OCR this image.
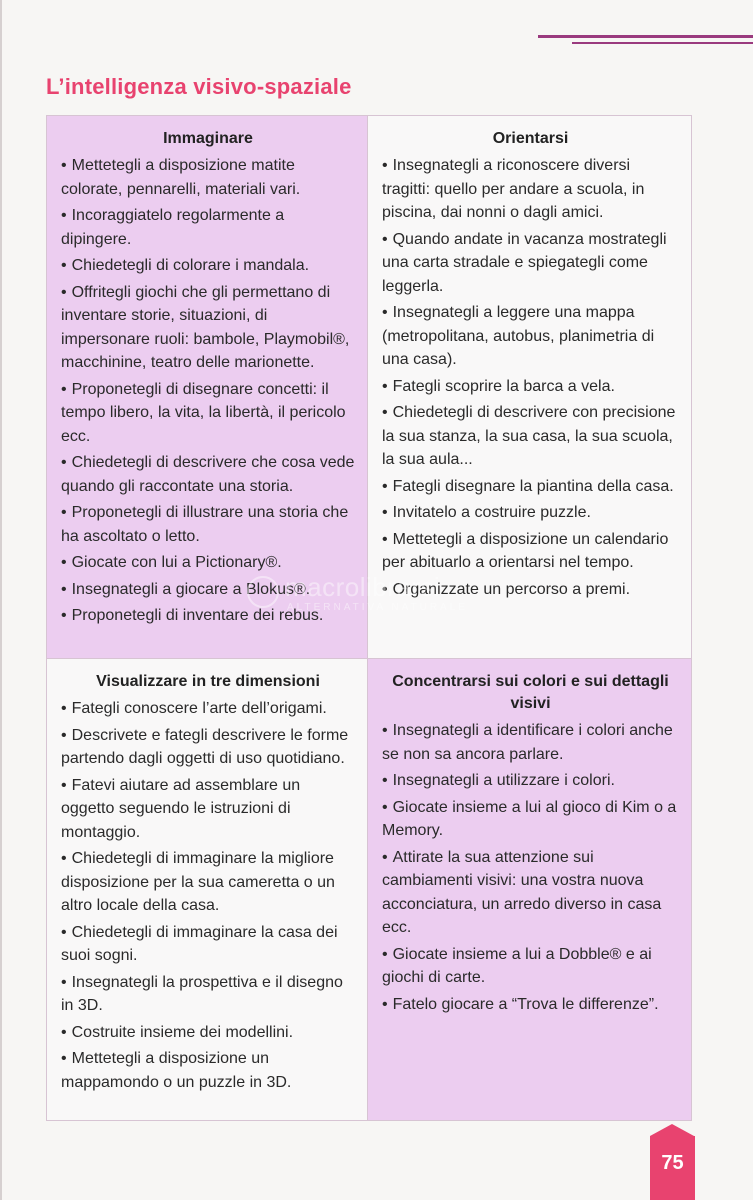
L’intelligenza visivo-spaziale
Immaginare
• Mettetegli a disposizione matite colorate, pennarelli, materiali vari.
• Incoraggiatelo regolarmente a dipingere.
• Chiedetegli di colorare i mandala.
• Offritegli giochi che gli permettano di inventare storie, situazioni, di impersonare ruoli: bambole, Playmobil®, macchinine, teatro delle marionette.
• Proponetegli di disegnare concetti: il tempo libero, la vita, la libertà, il pericolo ecc.
• Chiedetegli di descrivere che cosa vede quando gli raccontate una storia.
• Proponetegli di illustrare una storia che ha ascoltato o letto.
• Giocate con lui a Pictionary®.
• Insegnategli a giocare a Blokus®.
• Proponetegli di inventare dei rebus.
Orientarsi
• Insegnategli a riconoscere diversi tragitti: quello per andare a scuola, in piscina, dai nonni o dagli amici.
• Quando andate in vacanza mostrategli una carta stradale e spiegategli come leggerla.
• Insegnategli a leggere una mappa (metropolitana, autobus, planimetria di una casa).
• Fategli scoprire la barca a vela.
• Chiedetegli di descrivere con precisione la sua stanza, la sua casa, la sua scuola, la sua aula...
• Fategli disegnare la piantina della casa.
• Invitatelo a costruire puzzle.
• Mettetegli a disposizione un calendario per abituarlo a orientarsi nel tempo.
• Organizzate un percorso a premi.
Visualizzare in tre dimensioni
• Fategli conoscere l’arte dell’origami.
• Descrivete e fategli descrivere le forme partendo dagli oggetti di uso quotidiano.
• Fatevi aiutare ad assemblare un oggetto seguendo le istruzioni di montaggio.
• Chiedetegli di immaginare la migliore disposizione per la sua cameretta o un altro locale della casa.
• Chiedetegli di immaginare la casa dei suoi sogni.
• Insegnategli la prospettiva e il disegno in 3D.
• Costruite insieme dei modellini.
• Mettetegli a disposizione un mappamondo o un puzzle in 3D.
Concentrarsi sui colori e sui dettagli visivi
• Insegnategli a identificare i colori anche se non sa ancora parlare.
• Insegnategli a utilizzare i colori.
• Giocate insieme a lui al gioco di Kim o a Memory.
• Attirate la sua attenzione sui cambiamenti visivi: una vostra nuova acconciatura, un arredo diverso in casa ecc.
• Giocate insieme a lui a Dobble® e ai giochi di carte.
• Fatelo giocare a “Trova le differenze”.
macrolibrarsi
ALTERNATIVA NATURALE
75
